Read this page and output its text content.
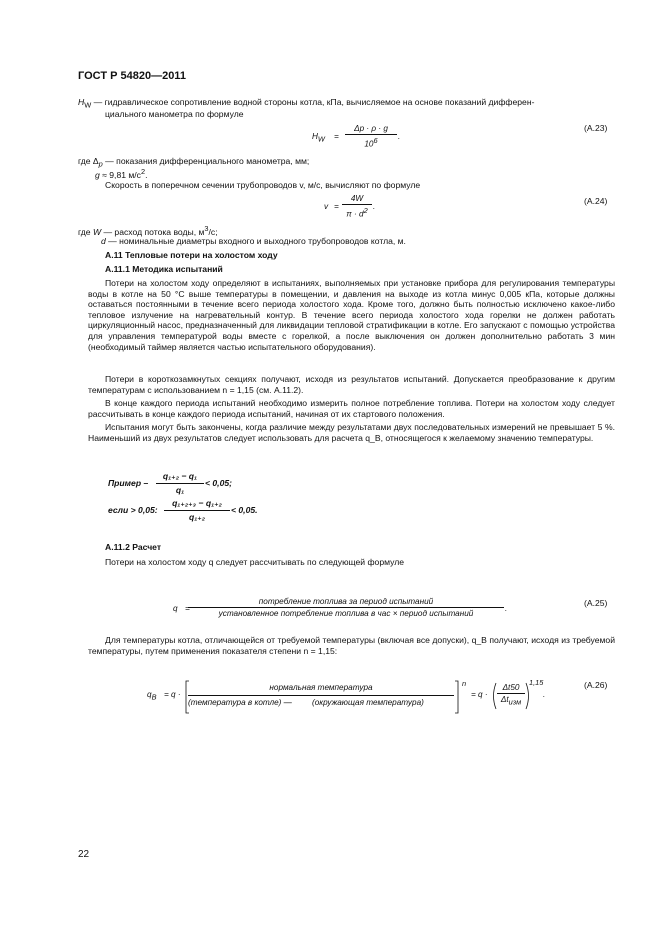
ГОСТ Р 54820—2011
$H_W$ — гидравлическое сопротивление водной стороны котла, кПа, вычисляемое на основе показаний дифферен-
циального манометра по формуле
$H_W = \frac{\Delta p \cdot \rho \cdot g}{10^6}$ .
(A.23)
где $\Delta_p$ — показания дифференциального манометра, мм;
g ≈ 9,81 $м/с^2$.
Скорость в поперечном сечении трубопроводов v, м/с, вычисляют по формуле
$v = \frac{4W}{\pi \cdot d^2}$ .
(A.24)
где W — расход потока воды, $м^3/с$;
d — номинальные диаметры входного и выходного трубопроводов котла, м.
A.11 Тепловые потери на холостом ходу
A.11.1 Методика испытаний
Потери на холостом ходу определяют в испытаниях, выполняемых при установке прибора для регулирования температуры воды в котле на 50 °С выше температуры в помещении, и давления на выходе из котла минус 0,005 кПа, которые должны оставаться постоянными в течение всего периода холостого хода. Кроме того, должно быть полностью исключено какое-либо тепловое излучение на нагревательный контур. В течение всего периода холостого хода горелки не должен работать циркуляционный насос, предназначенный для ликвидации тепловой стратификации в котле. Его запускают с помощью устройства для управления температурой воды вместе с горелкой, а после выключения он должен дополнительно работать 3 мин (необходимый таймер является частью испытательного оборудования).
Потери в короткозамкнутых секциях получают, исходя из результатов испытаний. Допускается преобразование к другим температурам с использованием n = 1,15 (см. A.11.2).
В конце каждого периода испытаний необходимо измерить полное потребление топлива. Потери на холостом ходу следует рассчитывать в конце каждого периода испытаний, начиная от их стартового положения.
Испытания могут быть закончены, когда различие между результатами двух последовательных измерений не превышает 5 %. Наименьший из двух результатов следует использовать для расчета q_B, относящегося к желаемому значению температуры.
Пример – $\frac{\text{q₁₊₂ − q₁}}{\text{q₁}} < 0,05$;
если > 0,05: $\frac{\text{q₁₊₂₊₃ − q₁₊₂}}{\text{q₁₊₂}} < 0,05$.
A.11.2 Расчет
Потери на холостом ходу q следует рассчитывать по следующей формуле
q =
потребление топлива за период испытаний
установленное потребление топлива в час × период испытаний
.
(A.25)
Для температуры котла, отличающейся от требуемой температуры (включая все допуски), q_B получают, исходя из требуемой температуры, путем применения показателя степени n = 1,15:
$q_B = q$ ·
нормальная температура
(температура в котле) — (окружающая температура)
n
= q ·
Δt50
$\Delta t_{изм}$
1,15
.
(A.26)
22
